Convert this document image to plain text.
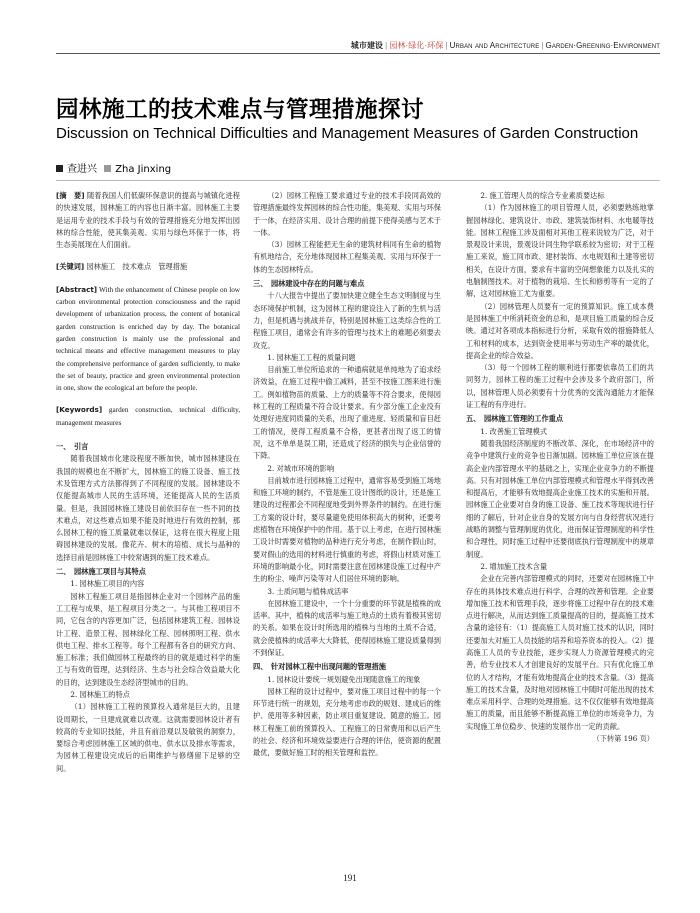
城市建设 | 园林·绿化·环保 | Urban and Architecture | Garden·Greening·Environment
园林施工的技术难点与管理措施探讨
Discussion on Technical Difficulties and Management Measures of Garden Construction
查进兴 Zha Jinxing

[摘　要] 随着我国人们低碳环保意识的提高与城镇化进程的快速发展，园林施工的内容也日渐丰富。园林施工主要是运用专业的技术手段与有效的管理措施充分地发挥出园林的综合性能，使其集美观、实用与绿色环保于一体，将生态美展现在人们面前。

[关键词] 园林施工　技术难点　管理措施

[Abstract] With the enhancement of Chinese people on low carbon environmental protection consciousness and the rapid development of urbanization process, the content of botanical garden construction is enriched day by day. The botanical garden construction is mainly use the professional and technical means and effective management measures to play the comprehensive performance of garden sufficiently, to make the set of beauty, practice and green environmental protection in one, show the ecological art before the people.

[Keywords] garden construction, technical difficulty, management measures

一、　引言

随着我国城市化建设程度不断加快，城市园林建设在我国的规模也在不断扩大，园林施工的施工设备、施工技术及管理方式方法都得到了不同程度的发展。园林建设不仅能提高城市人民的生活环境，还能提高人民的生活质量。但是，我国园林施工建设目前依旧存在一些不同的技术难点，对这些难点如果不能及时地进行有效的控制，那么园林工程的施工质量就难以保证，这将在很大程度上阻碍园林建设的发展。像花卉、树木的培植、成长与晶种的选择目前是园林施工中较常遇到的施工技术难点。

二、　园林施工项目与其特点

1. 园林施工项目的内容

园林工程施工项目是指园林企业对一个园林产品的施工工程与成果，是工程项目分类之一。与其他工程项目不同，它包含的内容更加广泛，包括园林建筑工程、园林设计工程、造景工程、园林绿化工程、园林照明工程、供水供电工程、排水工程等。每个工程都有各自的研究方向、施工标准；我们做园林工程最终的目的就是通过科学的施工与有效的管理，达到经济、生态与社会综合效益最大化的目的，达到建设生态经济型城市的目的。

2. 园林施工的特点

（1）园林施工工程的预算投入通常是巨大的，且建设周期长，一旦建成就难以改观。这就需要园林设计者有较高的专业知识技能，并且有前沿观以及敏锐的洞察力，要综合考虑园林施工区域的供电、供水以及排水等需求，为园林工程建设完成后的后期维护与修缮留下足够的空间。

（2）园林工程施工要求通过专业的技术手段同高效的管理措施最终发挥园林的综合性功能，集美观、实用与环保于一体，在经济实用、设计合理的前提下使得美感与艺术于一体。

（3）园林工程能把无生命的建筑材料同有生命的植物有机地结合，充分地体现园林工程集美观、实用与环保于一体的生态园林特点。

三、　园林建设中存在的问题与难点

十八大报告中提出了要加快建立健全生态文明制度与生态环境保护机制，这为园林工程的建设注入了新的生机与活力，但是机遇与挑战并存，特别是园林施工这类综合性的工程施工项目，通常会有许多的管理与技术上的难题必须要去攻克。

1. 园林施工工程的质量问题

目前施工单位所追求的一种通病就是单纯地为了追求经济效益，在施工过程中偷工减料，甚至不按施工图来进行施工。例如植物苗的质量、上方的质量等不符合要求，使得园林工程的工程质量不符合设计要求。有少部分施工企业没有处理好进度同质量的关系，出现了重进度、轻质量和盲目赶工的情况，使得工程质量不合格，更甚者出现了返工的情况，这不单单是误工期，还造成了经济的损失与企业信誉的下降。

2. 对城市环境的影响

目前城市进行园林施工过程中，通常容易受到施工场地和施工环境的制约，不管是施工设计图纸的设计，还是施工建设的过程都会不同程度地受到外界条件的制约。在进行施工方案的设计时，要尽量避免使用体积高大的树种，还要考虑植物在环境保护中的作用。基于以上考虑，在进行园林施工设计时需要对植物的品种进行充分考虑，在制作假山时，要对假山的选用的材料进行慎重的考虑，将假山材质对施工环境的影响最小化，同时需要注意在园林建设施工过程中产生的粉尘、噪声污染等对人们居住环境的影响。

3. 土质问题与植株成活率

在园林施工建设中，一个十分重要的环节就是植株的成活率。其中，植株的成活率与施工地点的土质有着极其密切的关系。如果在设计时所选用的植株与当地的土质不合适，就会使植株的成活率大大降低，使得园林施工建设质量得到不到保证。

四、　针对园林工程中出现问题的管理措施

1. 园林设计要统一规划避免出现随意施工的现象

园林工程的设计过程中，要对施工项目过程中的每一个环节进行统一的规划，充分地考虑市政的规划、建成后的维护、使用等多种因素，防止项目重复建设、随意的施工。园林工程施工前的预算投入、工程施工的日常费用和以后产生的社会、经济和环境效益要进行合理的评估，使资源的配置最优，要做好施工时的相关管理和监控。

2. 施工管理人员的综合专业素质要达标

（1）作为园林施工的项目管理人员，必须要熟练地掌握园林绿化、建筑设计、市政、建筑装饰材料、水电暖等技能。园林工程施工涉及面相对其他工程来说较为广泛，对于景观设计来说，景观设计同生物学联系较为密切；对于工程施工来说，施工同市政、建材装饰、水电规划和土建等密切相关，在设计方面，要求有丰富的空间想象能力以及扎实的电脑制图技术。对于植物的栽培、生长和修剪等有一定的了解，这对园林施工尤为重要。

（2）园林管理人员要有一定的预算知识。施工成本费是园林施工中所消耗资金的总和，是项目施工质量的综合反映。通过对各项成本指标进行分析，采取有效的措施降低人工和材料的成本，达到资金使用率与劳动生产率的最优化，提高企业的综合效益。

（3）每一个园林工程的顺利进行都要依靠员工们的共同努力，园林工程的施工过程中会涉及多个政府部门，所以，园林管理人员必须要有十分优秀的交流沟通能力才能保证工程的有序进行。

五、　园林施工管理的工作重点

1. 改善施工管理模式

随着我国经济制度的不断改革、深化，在市场经济中的竞争中建筑行业的竞争也日渐加剧。园林施工单位应该在提高企业内部管理水平的基础之上，实现企业竞争力的不断提高。只有对园林施工单位内部管理模式和管理水平得到改善和提高后，才能够有效地提高企业施工技术的实施和开展。园林施工企业要对自身的施工设备、施工技术等现状进行仔细的了解后，针对企业自身的发展方向与自身经营状况进行战略的调整与管理制度的优化，进而保证管理制度的科学性和合理性，同时施工过程中还要彻底执行管理制度中的规章制度。

2. 增加施工技术含量

企业在完善内部管理模式的同时，还要对在园林施工中存在的具体技术难点进行科学、合理的改善和管理。企业要增加施工技术和管理手段，逐步将施工过程中存在的技术难点进行解决，从而达到施工质量提高的目的，提高施工技术含量的途径有：（1）提高施工人员对施工技术的认识，同时还要加大对施工人员技能的培养和培养资本的投入。（2）提高施工人员的专业技能，逐步实现人力资源管理模式的完善，给专业技术人才创建良好的发展平台。只有优化施工单位的人才结构，才能有效地提高企业的技术含量。（3）提高施工的技术含量，及时地对园林施工中随时可能出现的技术难点采用科学、合理的处理措施。这不仅仅能够有效地提高施工的质量，而且能够不断提高施工单位的市场竞争力，为实现施工单位稳步、快速的发展作出一定的贡献。

（下转第 196 页）

191
